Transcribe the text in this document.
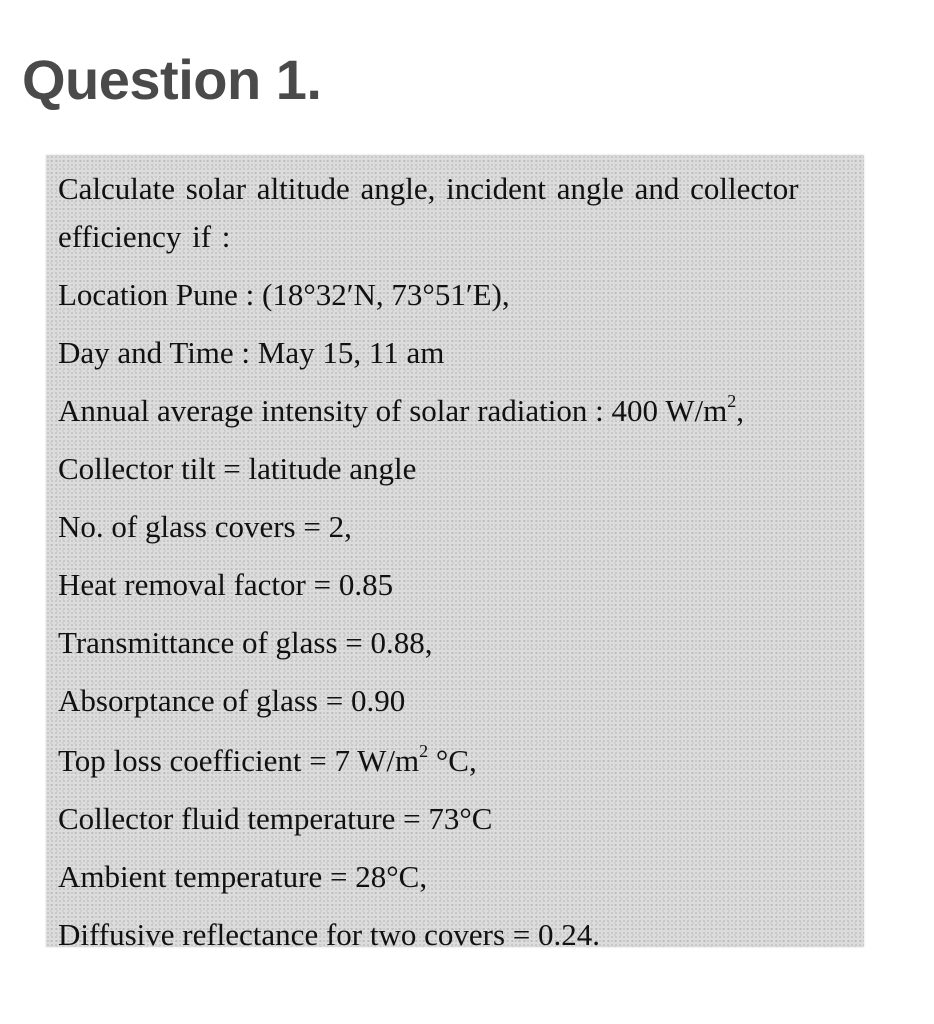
Question 1.
Calculate solar altitude angle, incident angle and collector
efficiency if :
Location Pune : (18°32′N, 73°51′E),
Day and Time : May 15, 11 am
Annual average intensity of solar radiation : 400 $W/m^2$,
Collector tilt = latitude angle
No. of glass covers = 2,
Heat removal factor = 0.85
Transmittance of glass = 0.88,
Absorptance of glass = 0.90
Top loss coefficient = 7 $W/m^2$ °C,
Collector fluid temperature = 73°C
Ambient temperature = 28°C,
Diffusive reflectance for two covers = 0.24.
